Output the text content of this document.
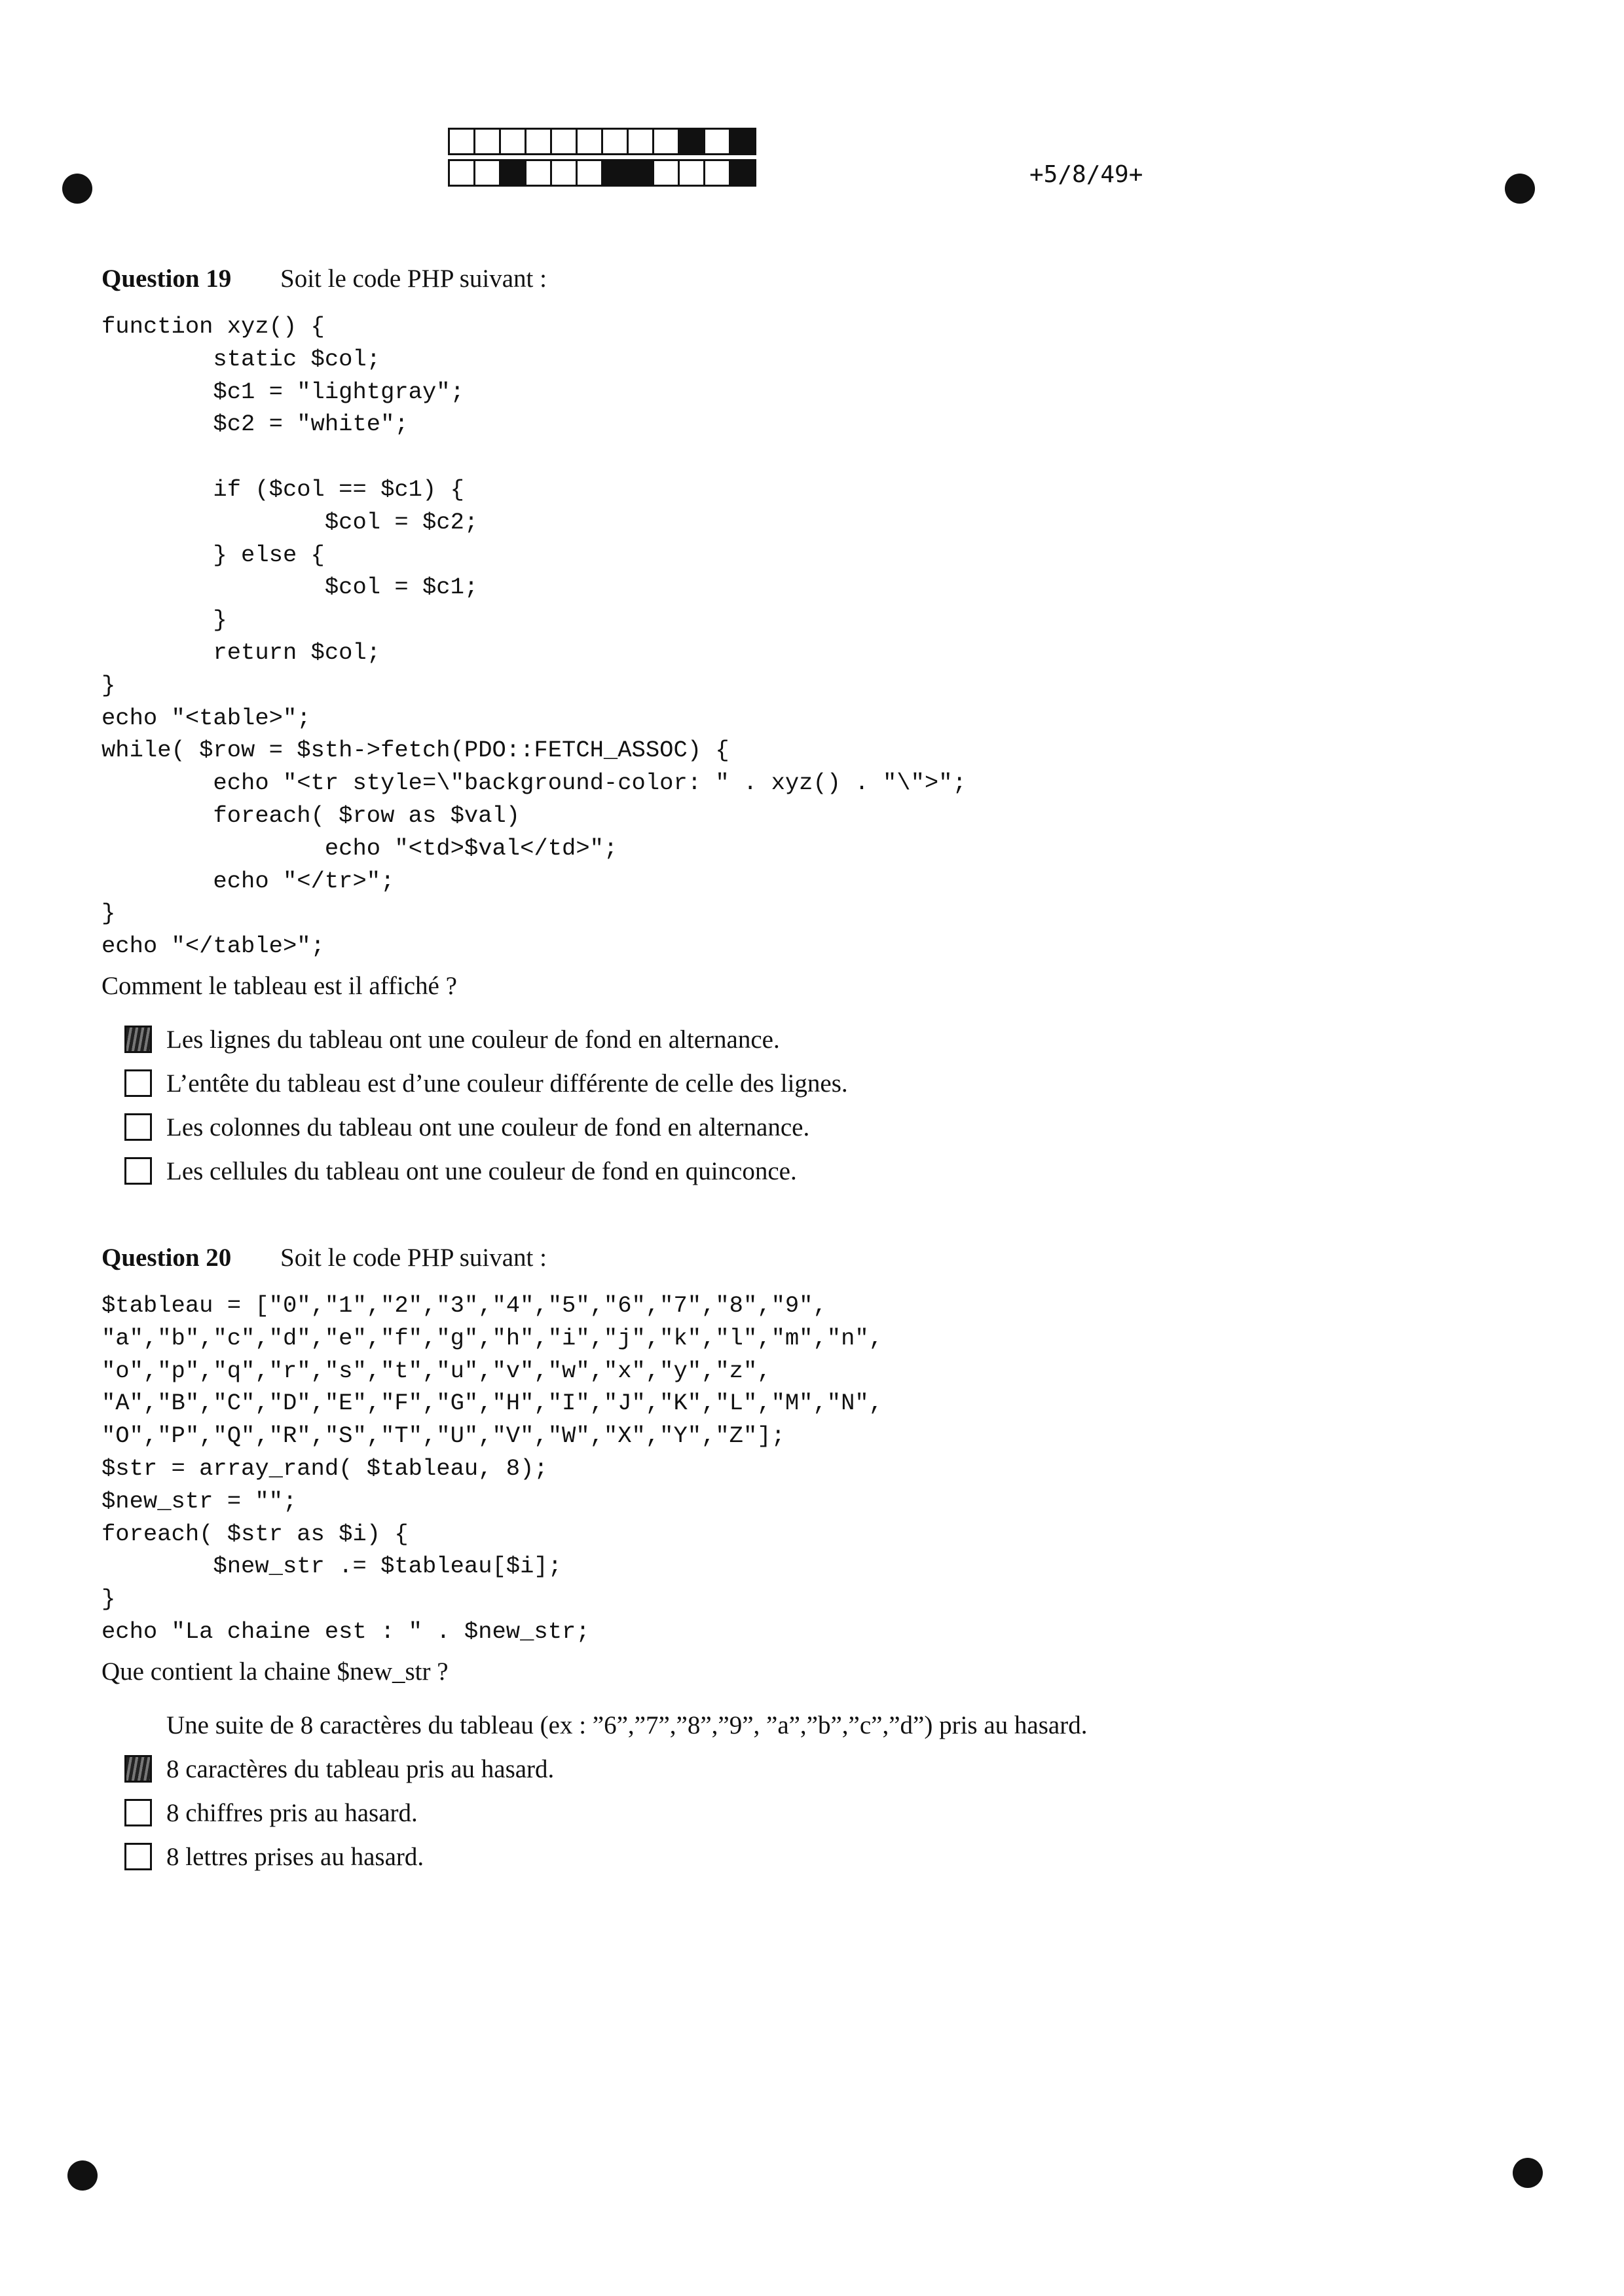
+5/8/49+
Question 19 Soit le code PHP suivant :
function xyz() {
static $col;
$c1 = "lightgray";
$c2 = "white";

if ($col == $c1) {
$col = $c2;
} else {
$col = $c1;
}
return $col;
}
echo "<table>";
while( $row = $sth->fetch(PDO::FETCH_ASSOC) {
echo "<tr style=\"background-color: " . xyz() . "\">";
foreach( $row as $val)
echo "<td>$val</td>";
echo "</tr>";
}
echo "</table>";
Comment le tableau est il affiché ?
Les lignes du tableau ont une couleur de fond en alternance.
L’entête du tableau est d’une couleur différente de celle des lignes.
Les colonnes du tableau ont une couleur de fond en alternance.
Les cellules du tableau ont une couleur de fond en quinconce.
Question 20 Soit le code PHP suivant :
$tableau = ["0","1","2","3","4","5","6","7","8","9",
"a","b","c","d","e","f","g","h","i","j","k","l","m","n",
"o","p","q","r","s","t","u","v","w","x","y","z",
"A","B","C","D","E","F","G","H","I","J","K","L","M","N",
"O","P","Q","R","S","T","U","V","W","X","Y","Z"];
$str = array_rand( $tableau, 8);
$new_str = "";
foreach( $str as $i) {
$new_str .= $tableau[$i];
}
echo "La chaine est : " . $new_str;
Que contient la chaine $new_str ?
Une suite de 8 caractères du tableau (ex : ”6”,”7”,”8”,”9”, ”a”,”b”,”c”,”d”) pris au hasard.
8 caractères du tableau pris au hasard.
8 chiffres pris au hasard.
8 lettres prises au hasard.
